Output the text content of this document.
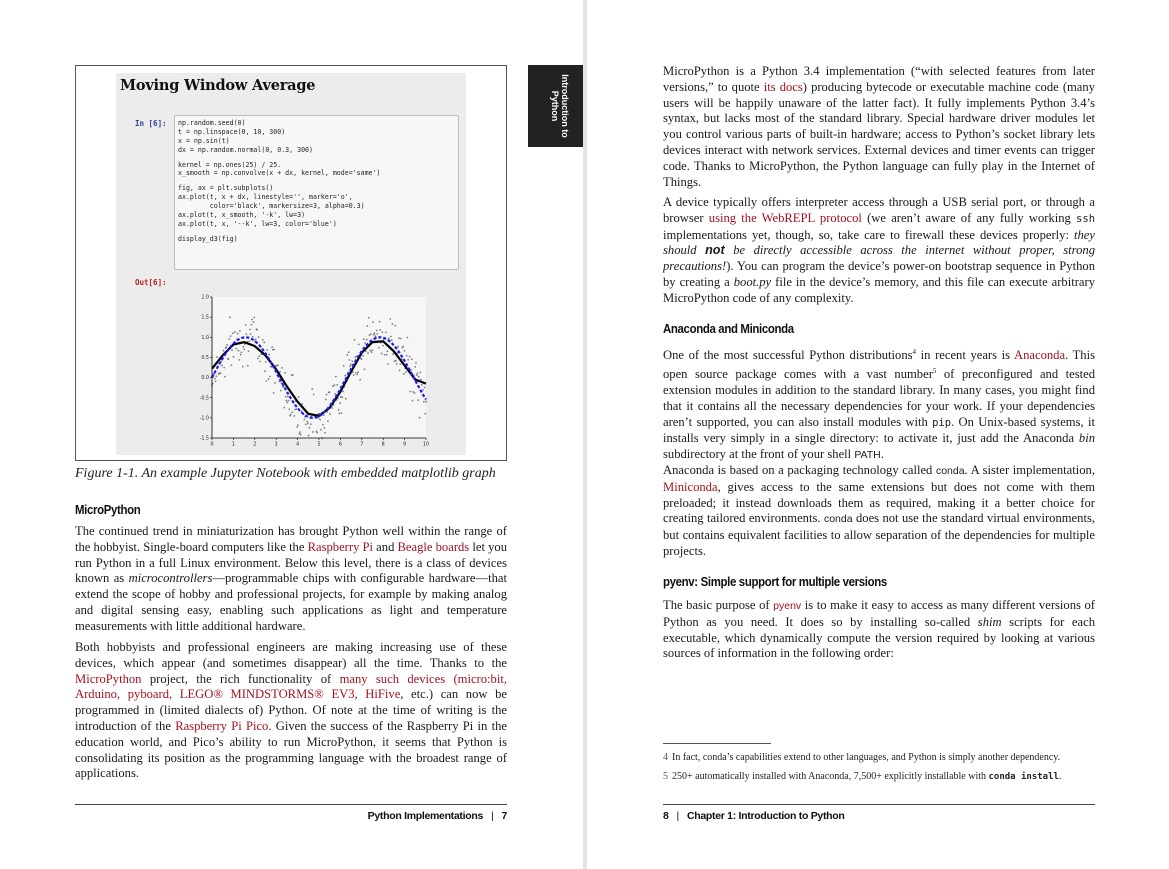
Moving Window Average
In [6]: np.random.seed(0)
t = np.linspace(0, 10, 300)
x = np.sin(t)
dx = np.random.normal(0, 0.3, 300)
kernel = np.ones(25) / 25.
x_smooth = np.convolve(x + dx, kernel, mode='same')
fig, ax = plt.subplots()
ax.plot(t, x + dx, linestyle='', marker='o',
color='black', markersize=3, alpha=0.3)
ax.plot(t, x_smooth, '-k', lw=3)
ax.plot(t, x, '--k', lw=3, color='blue')
display_d3(fig)
Out[6]:
-1.5
-1.0
-0.5
0.0
0.5
1.0
1.5
2.0
0	1	2	3	4	5	6	7	8	9	10
Figure 1-1. An example Jupyter Notebook with embedded matplotlib graph
MicroPython
The continued trend in miniaturization has brought Python well within the range of the hobbyist. Single-board computers like the Raspberry Pi and Beagle boards let you run Python in a full Linux environment. Below this level, there is a class of devices known as microcontrollers—programmable chips with configurable hardware—that extend the scope of hobby and professional projects, for example by making analog and digital sensing easy, enabling such applications as light and temperature measurements with little additional hardware.
Both hobbyists and professional engineers are making increasing use of these devices, which appear (and sometimes disappear) all the time. Thanks to the MicroPython project, the rich functionality of many such devices (micro:bit, Arduino, pyboard, LEGO® MINDSTORMS® EV3, HiFive, etc.) can now be programmed in (limited dialects of) Python. Of note at the time of writing is the introduction of the Raspberry Pi Pico. Given the success of the Raspberry Pi in the education world, and Pico’s ability to run MicroPython, it seems that Python is consolidating its position as the programming language with the broadest range of applications.
Python Implementations | 7
Introduction to
Python
MicroPython is a Python 3.4 implementation (“with selected features from later versions,” to quote its docs) producing bytecode or executable machine code (many users will be happily unaware of the latter fact). It fully implements Python 3.4’s syntax, but lacks most of the standard library. Special hardware driver modules let you control various parts of built-in hardware; access to Python’s socket library lets devices interact with network services. External devices and timer events can trigger code. Thanks to MicroPython, the Python language can fully play in the Internet of Things.
A device typically offers interpreter access through a USB serial port, or through a browser using the WebREPL protocol (we aren’t aware of any fully working ssh implementations yet, though, so, take care to firewall these devices properly: they should not be directly accessible across the internet without proper, strong precautions!). You can program the device’s power-on bootstrap sequence in Python by creating a boot.py file in the device’s memory, and this file can execute arbitrary MicroPython code of any complexity.
Anaconda and Miniconda
One of the most successful Python distributions$^4$ in recent years is Anaconda. This open source package comes with a vast number$^5$ of preconfigured and tested extension modules in addition to the standard library. In many cases, you might find that it contains all the necessary dependencies for your work. If your dependencies aren’t supported, you can also install modules with pip. On Unix-based systems, it installs very simply in a single directory: to activate it, just add the Anaconda bin subdirectory at the front of your shell PATH.
Anaconda is based on a packaging technology called conda. A sister implementation, Miniconda, gives access to the same extensions but does not come with them preloaded; it instead downloads them as required, making it a better choice for creating tailored environments. conda does not use the standard virtual environments, but contains equivalent facilities to allow separation of the dependencies for multiple projects.
pyenv: Simple support for multiple versions
The basic purpose of pyenv is to make it easy to access as many different versions of Python as you need. It does so by installing so-called shim scripts for each executable, which dynamically compute the version required by looking at various sources of information in the following order:
4 In fact, conda’s capabilities extend to other languages, and Python is simply another dependency.
5 250+ automatically installed with Anaconda, 7,500+ explicitly installable with conda install.
8 | Chapter 1: Introduction to Python
